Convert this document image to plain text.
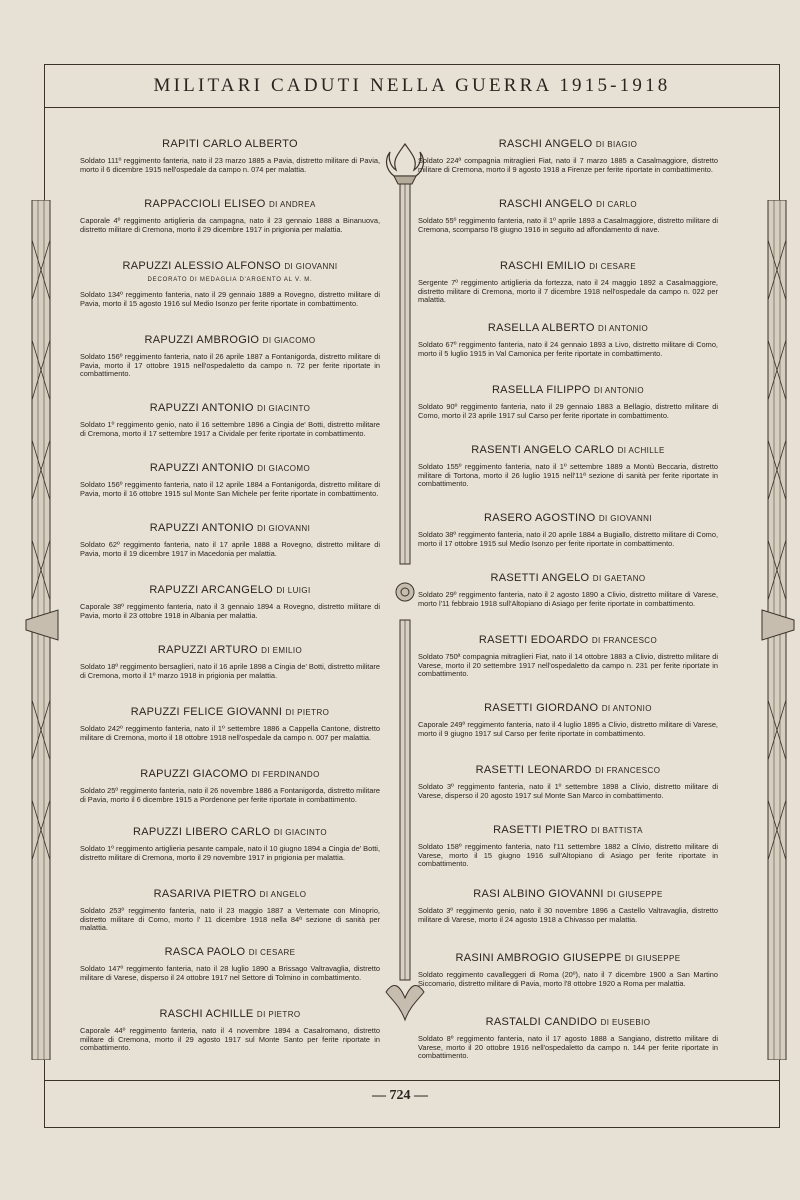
MILITARI CADUTI NELLA GUERRA 1915-1918
RAPITI CARLO ALBERTO
Soldato 111º reggimento fanteria, nato il 23 marzo 1885 a Pavia, distretto militare di Pavia, morto il 6 dicembre 1915 nell'ospedale da campo n. 074 per malattia.
RAPPACCIOLI ELISEO DI ANDREA
Caporale 4º reggimento artiglieria da campagna, nato il 23 gennaio 1888 a Binanuova, distretto militare di Cremona, morto il 29 dicembre 1917 in prigionia per malattia.
RAPUZZI ALESSIO ALFONSO DI GIOVANNI
DECORATO DI MEDAGLIA D'ARGENTO AL V. M.
Soldato 134º reggimento fanteria, nato il 29 gennaio 1889 a Rovegno, distretto militare di Pavia, morto il 15 agosto 1916 sul Medio Isonzo per ferite riportate in combattimento.
RAPUZZI AMBROGIO DI GIACOMO
Soldato 156º reggimento fanteria, nato il 26 aprile 1887 a Fontanigorda, distretto militare di Pavia, morto il 17 ottobre 1915 nell'ospedaletto da campo n. 72 per ferite riportate in combattimento.
RAPUZZI ANTONIO DI GIACINTO
Soldato 1º reggimento genio, nato il 16 settembre 1896 a Cingia de' Botti, distretto militare di Cremona, morto il 17 settembre 1917 a Cividale per ferite riportate in combattimento.
RAPUZZI ANTONIO DI GIACOMO
Soldato 156º reggimento fanteria, nato il 12 aprile 1884 a Fontanigorda, distretto militare di Pavia, morto il 16 ottobre 1915 sul Monte San Michele per ferite riportate in combattimento.
RAPUZZI ANTONIO DI GIOVANNI
Soldato 62º reggimento fanteria, nato il 17 aprile 1888 a Rovegno, distretto militare di Pavia, morto il 19 dicembre 1917 in Macedonia per malattia.
RAPUZZI ARCANGELO DI LUIGI
Caporale 38º reggimento fanteria, nato il 3 gennaio 1894 a Rovegno, distretto militare di Pavia, morto il 23 ottobre 1918 in Albania per malattia.
RAPUZZI ARTURO DI EMILIO
Soldato 18º reggimento bersaglieri, nato il 16 aprile 1898 a Cingia de' Botti, distretto militare di Cremona, morto il 1º marzo 1918 in prigionia per malattia.
RAPUZZI FELICE GIOVANNI DI PIETRO
Soldato 242º reggimento fanteria, nato il 1º settembre 1886 a Cappella Cantone, distretto militare di Cremona, morto il 18 ottobre 1918 nell'ospedale da campo n. 007 per malattia.
RAPUZZI GIACOMO DI FERDINANDO
Soldato 25º reggimento fanteria, nato il 26 novembre 1886 a Fontanigorda, distretto militare di Pavia, morto il 6 dicembre 1915 a Pordenone per ferite riportate in combattimento.
RAPUZZI LIBERO CARLO DI GIACINTO
Soldato 1º reggimento artiglieria pesante campale, nato il 10 giugno 1894 a Cingia de' Botti, distretto militare di Cremona, morto il 29 novembre 1917 in prigionia per malattia.
RASARIVA PIETRO DI ANGELO
Soldato 253º reggimento fanteria, nato il 23 maggio 1887 a Vertemate con Minoprio, distretto militare di Como, morto l' 11 dicembre 1918 nella 84ª sezione di sanità per malattia.
RASCA PAOLO DI CESARE
Soldato 147º reggimento fanteria, nato il 28 luglio 1890 a Brissago Valtravaglia, distretto militare di Varese, disperso il 24 ottobre 1917 nel Settore di Tolmino in combattimento.
RASCHI ACHILLE DI PIETRO
Caporale 44º reggimento fanteria, nato il 4 novembre 1894 a Casalromano, distretto militare di Cremona, morto il 29 agosto 1917 sul Monte Santo per ferite riportate in combattimento.
RASCHI ANGELO DI BIAGIO
Soldato 224ª compagnia mitraglieri Fiat, nato il 7 marzo 1885 a Casalmaggiore, distretto militare di Cremona, morto il 9 agosto 1918 a Firenze per ferite riportate in combattimento.
RASCHI ANGELO DI CARLO
Soldato 55º reggimento fanteria, nato il 1º aprile 1893 a Casalmaggiore, distretto militare di Cremona, scomparso l'8 giugno 1916 in seguito ad affondamento di nave.
RASCHI EMILIO DI CESARE
Sergente 7º reggimento artiglieria da fortezza, nato il 24 maggio 1892 a Casalmaggiore, distretto militare di Cremona, morto il 7 dicembre 1918 nell'ospedale da campo n. 022 per malattia.
RASELLA ALBERTO DI ANTONIO
Soldato 67º reggimento fanteria, nato il 24 gennaio 1893 a Livo, distretto militare di Como, morto il 5 luglio 1915 in Val Camonica per ferite riportate in combattimento.
RASELLA FILIPPO DI ANTONIO
Soldato 90º reggimento fanteria, nato il 29 gennaio 1883 a Bellagio, distretto militare di Como, morto il 23 aprile 1917 sul Carso per ferite riportate in combattimento.
RASENTI ANGELO CARLO DI ACHILLE
Soldato 155º reggimento fanteria, nato il 1º settembre 1889 a Montù Beccaria, distretto militare di Tortona, morto il 26 luglio 1915 nell'11ª sezione di sanità per ferite riportate in combattimento.
RASERO AGOSTINO DI GIOVANNI
Soldato 38º reggimento fanteria, nato il 20 aprile 1884 a Bugiallo, distretto militare di Como, morto il 17 ottobre 1915 sul Medio Isonzo per ferite riportate in combattimento.
RASETTI ANGELO DI GAETANO
Soldato 29º reggimento fanteria, nato il 2 agosto 1890 a Clivio, distretto militare di Varese, morto l'11 febbraio 1918 sull'Altopiano di Asiago per ferite riportate in combattimento.
RASETTI EDOARDO DI FRANCESCO
Soldato 750ª compagnia mitraglieri Fiat, nato il 14 ottobre 1883 a Clivio, distretto militare di Varese, morto il 20 settembre 1917 nell'ospedaletto da campo n. 231 per ferite riportate in combattimento.
RASETTI GIORDANO DI ANTONIO
Caporale 249º reggimento fanteria, nato il 4 luglio 1895 a Clivio, distretto militare di Varese, morto il 9 giugno 1917 sul Carso per ferite riportate in combattimento.
RASETTI LEONARDO DI FRANCESCO
Soldato 3º reggimento fanteria, nato il 1º settembre 1898 a Clivio, distretto militare di Varese, disperso il 20 agosto 1917 sul Monte San Marco in combattimento.
RASETTI PIETRO DI BATTISTA
Soldato 158º reggimento fanteria, nato l'11 settembre 1882 a Clivio, distretto militare di Varese, morto il 15 giugno 1916 sull'Altopiano di Asiago per ferite riportate in combattimento.
RASI ALBINO GIOVANNI DI GIUSEPPE
Soldato 3º reggimento genio, nato il 30 novembre 1896 a Castello Valtravaglia, distretto militare di Varese, morto il 24 agosto 1918 a Chivasso per malattia.
RASINI AMBROGIO GIUSEPPE DI GIUSEPPE
Soldato reggimento cavalleggeri di Roma (20º), nato il 7 dicembre 1900 a San Martino Siccomario, distretto militare di Pavia, morto l'8 ottobre 1920 a Roma per malattia.
RASTALDI CANDIDO DI EUSEBIO
Soldato 8º reggimento fanteria, nato il 17 agosto 1888 a Sangiano, distretto militare di Varese, morto il 20 ottobre 1916 nell'ospedaletto da campo n. 144 per ferite riportate in combattimento.
— 724 —
